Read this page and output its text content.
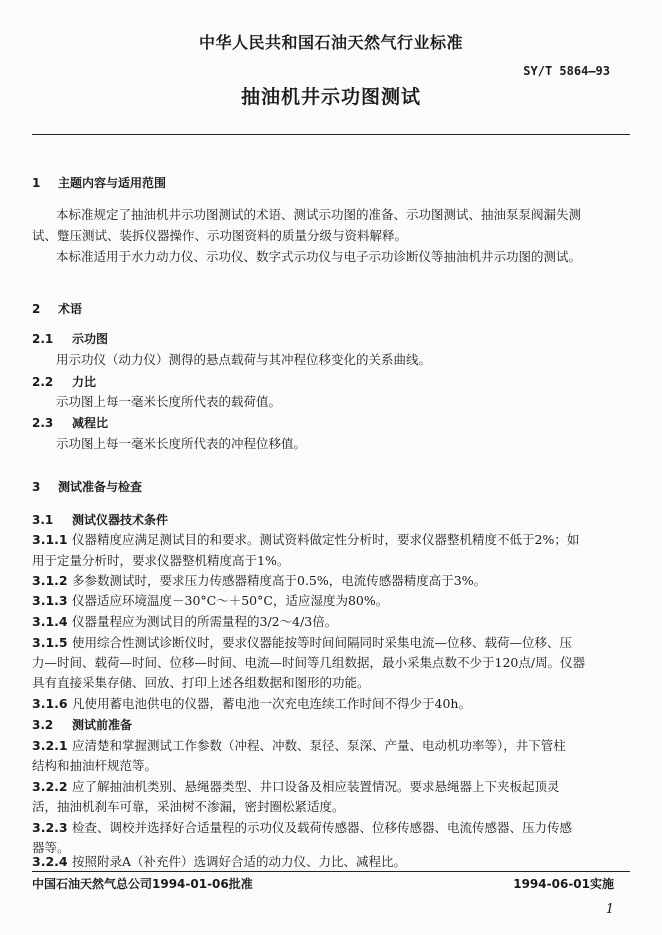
中华人民共和国石油天然气行业标准
SY/T 5864—93
抽油机井示功图测试
1 主题内容与适用范围
本标准规定了抽油机井示功图测试的术语、测试示功图的准备、示功图测试、抽油泵泵阀漏失测
试、蹩压测试、装拆仪器操作、示功图资料的质量分级与资料解释。
本标准适用于水力动力仪、示功仪、数字式示功仪与电子示功诊断仪等抽油机井示功图的测试。
2 术语
2.1 示功图
用示功仪（动力仪）测得的悬点载荷与其冲程位移变化的关系曲线。
2.2 力比
示功图上每一毫米长度所代表的载荷值。
2.3 减程比
示功图上每一毫米长度所代表的冲程位移值。
3 测试准备与检查
3.1 测试仪器技术条件
3.1.1 仪器精度应满足测试目的和要求。测试资料做定性分析时，要求仪器整机精度不低于2%；如
用于定量分析时，要求仪器整机精度高于1%。
3.1.2 多参数测试时，要求压力传感器精度高于0.5%，电流传感器精度高于3%。
3.1.3 仪器适应环境温度－30°C～＋50°C，适应湿度为80%。
3.1.4 仪器量程应为测试目的所需量程的3/2～4/3倍。
3.1.5 使用综合性测试诊断仪时，要求仪器能按等时间间隔同时采集电流—位移、载荷—位移、压
力—时间、载荷—时间、位移—时间、电流—时间等几组数据，最小采集点数不少于120点/周。仪器
具有直接采集存储、回放、打印上述各组数据和图形的功能。
3.1.6 凡使用蓄电池供电的仪器，蓄电池一次充电连续工作时间不得少于40h。
3.2 测试前准备
3.2.1 应清楚和掌握测试工作参数（冲程、冲数、泵径、泵深、产量、电动机功率等），井下管柱
结构和抽油杆规范等。
3.2.2 应了解抽油机类别、悬绳器类型、井口设备及相应装置情况。要求悬绳器上下夹板起顶灵
活，抽油机刹车可靠，采油树不渗漏，密封圈松紧适度。
3.2.3 检查、调校并选择好合适量程的示功仪及载荷传感器、位移传感器、电流传感器、压力传感
器等。
3.2.4 按照附录A（补充件）选调好合适的动力仪、力比、减程比。
中国石油天然气总公司1994-01-06批准	1994-06-01实施
1
